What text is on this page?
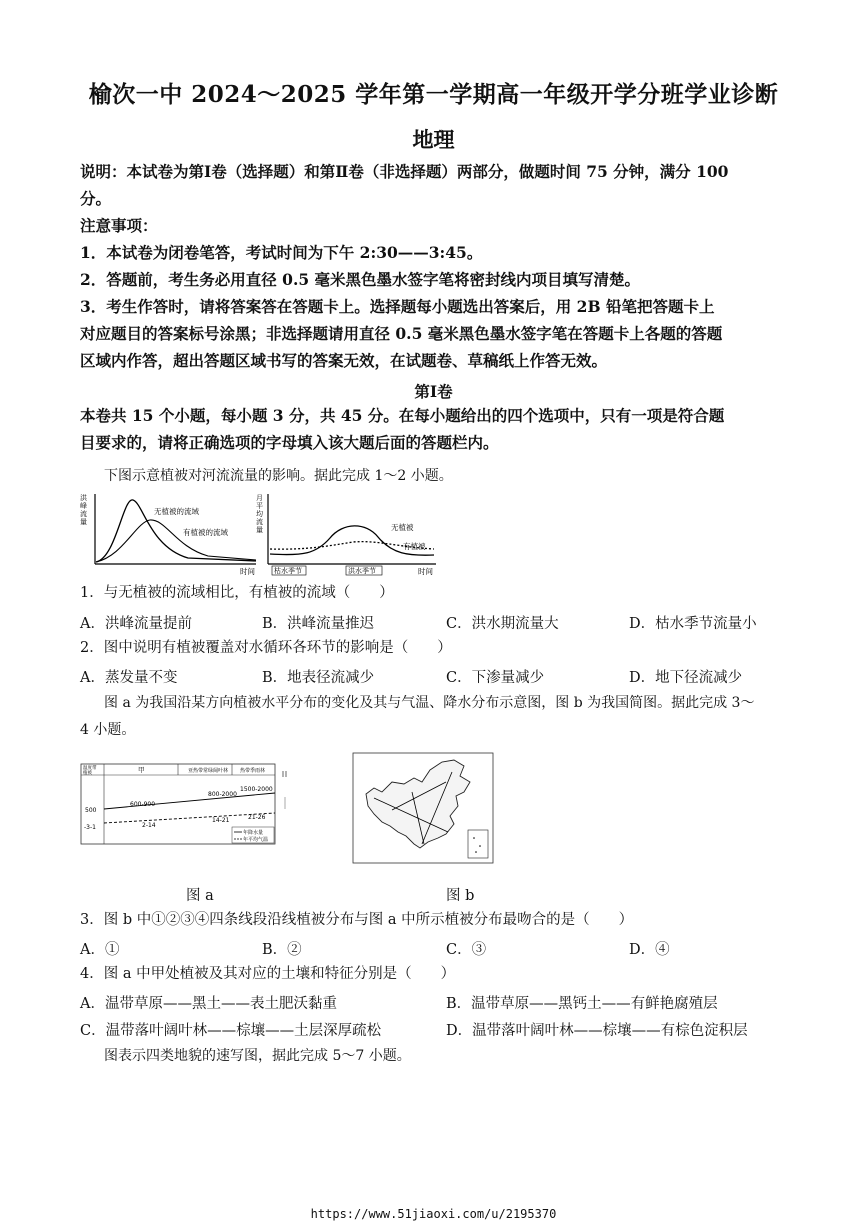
榆次一中 2024～2025 学年第一学期高一年级开学分班学业诊断
地理
说明：本试卷为第Ⅰ卷（选择题）和第Ⅱ卷（非选择题）两部分，做题时间 75 分钟，满分 100
分。
注意事项：
1．本试卷为闭卷笔答，考试时间为下午 2:30——3:45。
2．答题前，考生务必用直径 0.5 毫米黑色墨水签字笔将密封线内项目填写清楚。
3．考生作答时，请将答案答在答题卡上。选择题每小题选出答案后，用 2B 铅笔把答题卡上
对应题目的答案标号涂黑；非选择题请用直径 0.5 毫米黑色墨水签字笔在答题卡上各题的答题
区域内作答，超出答题区域书写的答案无效，在试题卷、草稿纸上作答无效。
第Ⅰ卷
本卷共 15 个小题，每小题 3 分，共 45 分。在每小题给出的四个选项中，只有一项是符合题
目要求的，请将正确选项的字母填入该大题后面的答题栏内。
下图示意植被对河流流量的影响。据此完成 1～2 小题。
洪 峰 流 量
无植被的流域
有植被的流域
时间
月 平 均 流 量	无植被
有植被
枯水季节	洪水季节	时间
1．与无植被的流域相比，有植被的流域（　　）
A．洪峰流量提前	B．洪峰流量推迟	C．洪水期流量大	D．枯水季节流量小
2．图中说明有植被覆盖对水循环各环节的影响是（　　）
A．蒸发量不变	B．地表径流减少	C．下渗量减少	D．地下径流减少
图 a 为我国沿某方向植被水平分布的变化及其与气温、降水分布示意图，图 b 为我国简图。据此完成 3～
4 小题。
甲	亚热带常绿阔叶林 热带季雨林
温度带 植被
500
-3-1
600-900
800-2000
1500-2000
2-14
14-21	21-26
年降水量
年平均气温
图 a	图 b
3．图 b 中①②③④四条线段沿线植被分布与图 a 中所示植被分布最吻合的是（　　）
A．①	B．②	C．③	D．④
4．图 a 中甲处植被及其对应的土壤和特征分别是（　　）
A．温带草原——黑土——表土肥沃黏重	B．温带草原——黑钙土——有鲜艳腐殖层
C．温带落叶阔叶林——棕壤——土层深厚疏松	D．温带落叶阔叶林——棕壤——有棕色淀积层
图表示四类地貌的速写图，据此完成 5～7 小题。
https://www.51jiaoxi.com/u/2195370
